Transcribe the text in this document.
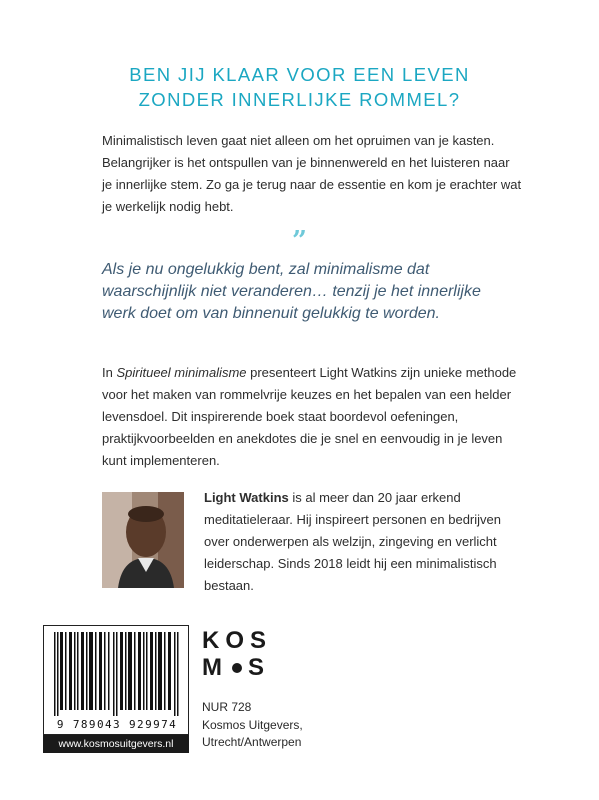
BEN JIJ KLAAR VOOR EEN LEVEN
ZONDER INNERLIJKE ROMMEL?
Minimalistisch leven gaat niet alleen om het opruimen van je kasten. Belangrijker is het ontspullen van je binnenwereld en het luisteren naar je innerlijke stem. Zo ga je terug naar de essentie en kom je erachter wat je werkelijk nodig hebt.
”
Als je nu ongelukkig bent, zal minimalisme dat waarschijnlijk niet veranderen… tenzij je het innerlijke werk doet om van binnenuit gelukkig te worden.
In Spiritueel minimalisme presenteert Light Watkins zijn unieke methode voor het maken van rommelvrije keuzes en het bepalen van een helder levensdoel. Dit inspirerende boek staat boordevol oefeningen, praktijkvoorbeelden en anekdotes die je snel en eenvoudig in je leven kunt implementeren.
Light Watkins is al meer dan 20 jaar erkend meditatieleraar. Hij inspireert personen en bedrijven over onderwerpen als welzijn, zingeving en verlicht leiderschap. Sinds 2018 leidt hij een minimalistisch bestaan.
9 789043 929974
www.kosmosuitgevers.nl
KOS
M S
NUR 728
Kosmos Uitgevers,
Utrecht/Antwerpen
